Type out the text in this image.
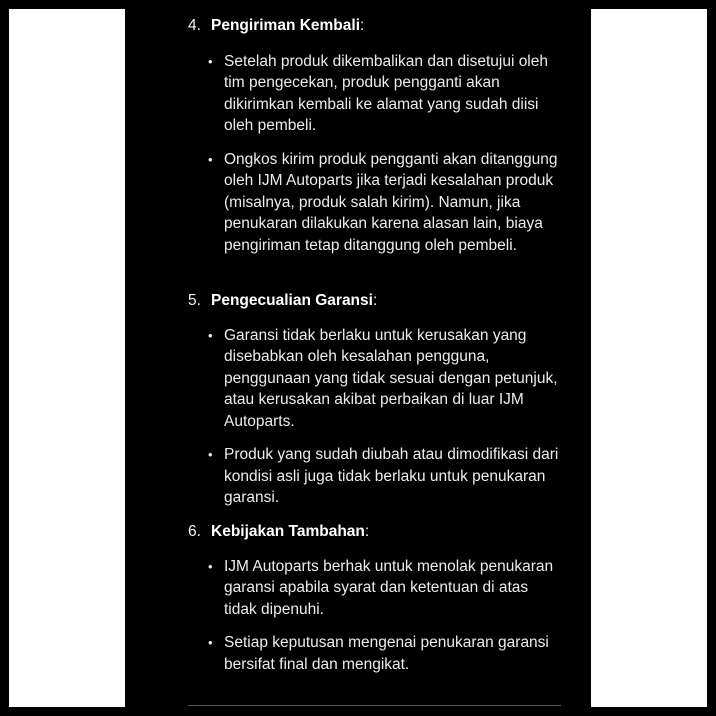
4. Pengiriman Kembali:

• Setelah produk dikembalikan dan disetujui oleh tim pengecekan, produk pengganti akan dikirimkan kembali ke alamat yang sudah diisi oleh pembeli.
• Ongkos kirim produk pengganti akan ditanggung oleh IJM Autoparts jika terjadi kesalahan produk (misalnya, produk salah kirim). Namun, jika penukaran dilakukan karena alasan lain, biaya pengiriman tetap ditanggung oleh pembeli.

5. Pengecualian Garansi:

• Garansi tidak berlaku untuk kerusakan yang disebabkan oleh kesalahan pengguna, penggunaan yang tidak sesuai dengan petunjuk, atau kerusakan akibat perbaikan di luar IJM Autoparts.
• Produk yang sudah diubah atau dimodifikasi dari kondisi asli juga tidak berlaku untuk penukaran garansi.

6. Kebijakan Tambahan:

• IJM Autoparts berhak untuk menolak penukaran garansi apabila syarat dan ketentuan di atas tidak dipenuhi.
• Setiap keputusan mengenai penukaran garansi bersifat final dan mengikat.
